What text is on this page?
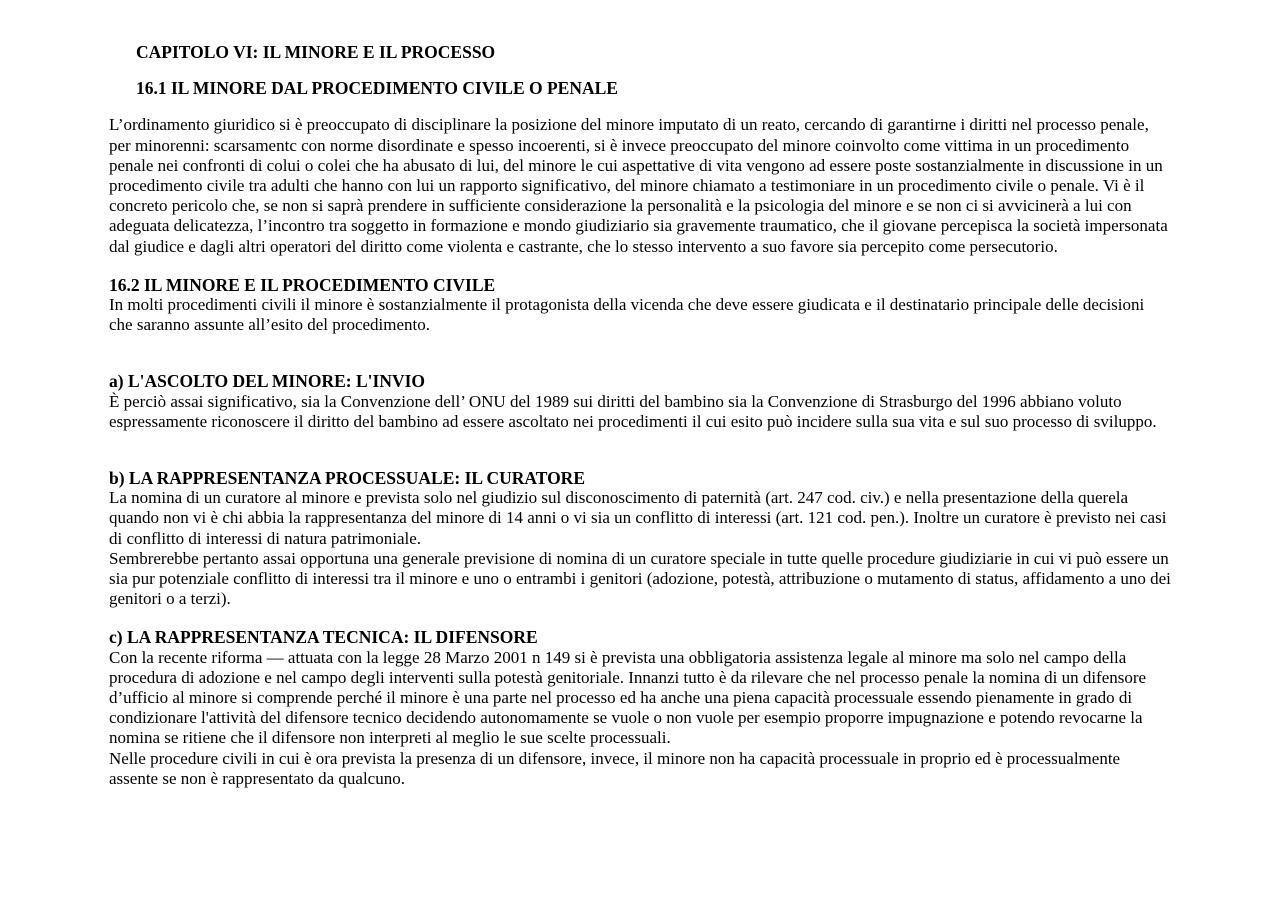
CAPITOLO VI: IL MINORE E IL PROCESSO
16.1 IL MINORE DAL PROCEDIMENTO CIVILE O PENALE

L’ordinamento giuridico si è preoccupato di disciplinare la posizione del minore imputato di un reato, cercando di garantirne i diritti nel processo penale, per minorenni: scarsamentc con norme disordinate e spesso incoerenti, si è invece preoccupato del minore coinvolto come vittima in un procedimento penale nei confronti di colui o colei che ha abusato di lui, del minore le cui aspettative di vita vengono ad essere poste sostanzialmente in discussione in un procedimento civile tra adulti che hanno con lui un rapporto significativo, del minore chiamato a testimoniare in un procedimento civile o penale. Vi è il concreto pericolo che, se non si saprà prendere in sufficiente considerazione la personalità e la psicologia del minore e se non ci si avvicinerà a lui con adeguata delicatezza, l’incontro tra soggetto in formazione e mondo giudiziario sia gravemente traumatico, che il giovane percepisca la società impersonata dal giudice e dagli altri operatori del diritto come violenta e castrante, che lo stesso intervento a suo favore sia percepito come persecutorio.

16.2 IL MINORE E IL PROCEDIMENTO CIVILE

In molti procedimenti civili il minore è sostanzialmente il protagonista della vicenda che deve essere giudicata e il destinatario principale delle decisioni che saranno assunte all’esito del procedimento.

a) L'ASCOLTO DEL MINORE: L'INVIO

È perciò assai significativo, sia la Convenzione dell’ ONU del 1989 sui diritti del bambino sia la Convenzione di Strasburgo del 1996 abbiano voluto espressamente riconoscere il diritto del bambino ad essere ascoltato nei procedimenti il cui esito può incidere sulla sua vita e sul suo processo di sviluppo.

b) LA RAPPRESENTANZA PROCESSUALE: IL CURATORE

La nomina di un curatore al minore e prevista solo nel giudizio sul disconoscimento di paternità (art. 247 cod. civ.) e nella presentazione della querela quando non vi è chi abbia la rappresentanza del minore di 14 anni o vi sia un conflitto di interessi (art. 121 cod. pen.). Inoltre un curatore è previsto nei casi di conflitto di interessi di natura patrimoniale.

Sembrerebbe pertanto assai opportuna una generale previsione di nomina di un curatore speciale in tutte quelle procedure giudiziarie in cui vi può essere un sia pur potenziale conflitto di interessi tra il minore e uno o entrambi i genitori (adozione, potestà, attribuzione o mutamento di status, affidamento a uno dei genitori o a terzi).

c) LA RAPPRESENTANZA TECNICA: IL DIFENSORE

Con la recente riforma — attuata con la legge 28 Marzo 2001 n 149 si è prevista una obbligatoria assistenza legale al minore ma solo nel campo della procedura di adozione e nel campo degli interventi sulla potestà genitoriale. Innanzi tutto è da rilevare che nel processo penale la nomina di un difensore d’ufficio al minore si comprende perché il minore è una parte nel processo ed ha anche una piena capacità processuale essendo pienamente in grado di condizionare l'attività del difensore tecnico decidendo autonomamente se vuole o non vuole per esempio proporre impugnazione e potendo revocarne la nomina se ritiene che il difensore non interpreti al meglio le sue scelte processuali.

Nelle procedure civili in cui è ora prevista la presenza di un difensore, invece, il minore non ha capacità processuale in proprio ed è processualmente assente se non è rappresentato da qualcuno.
